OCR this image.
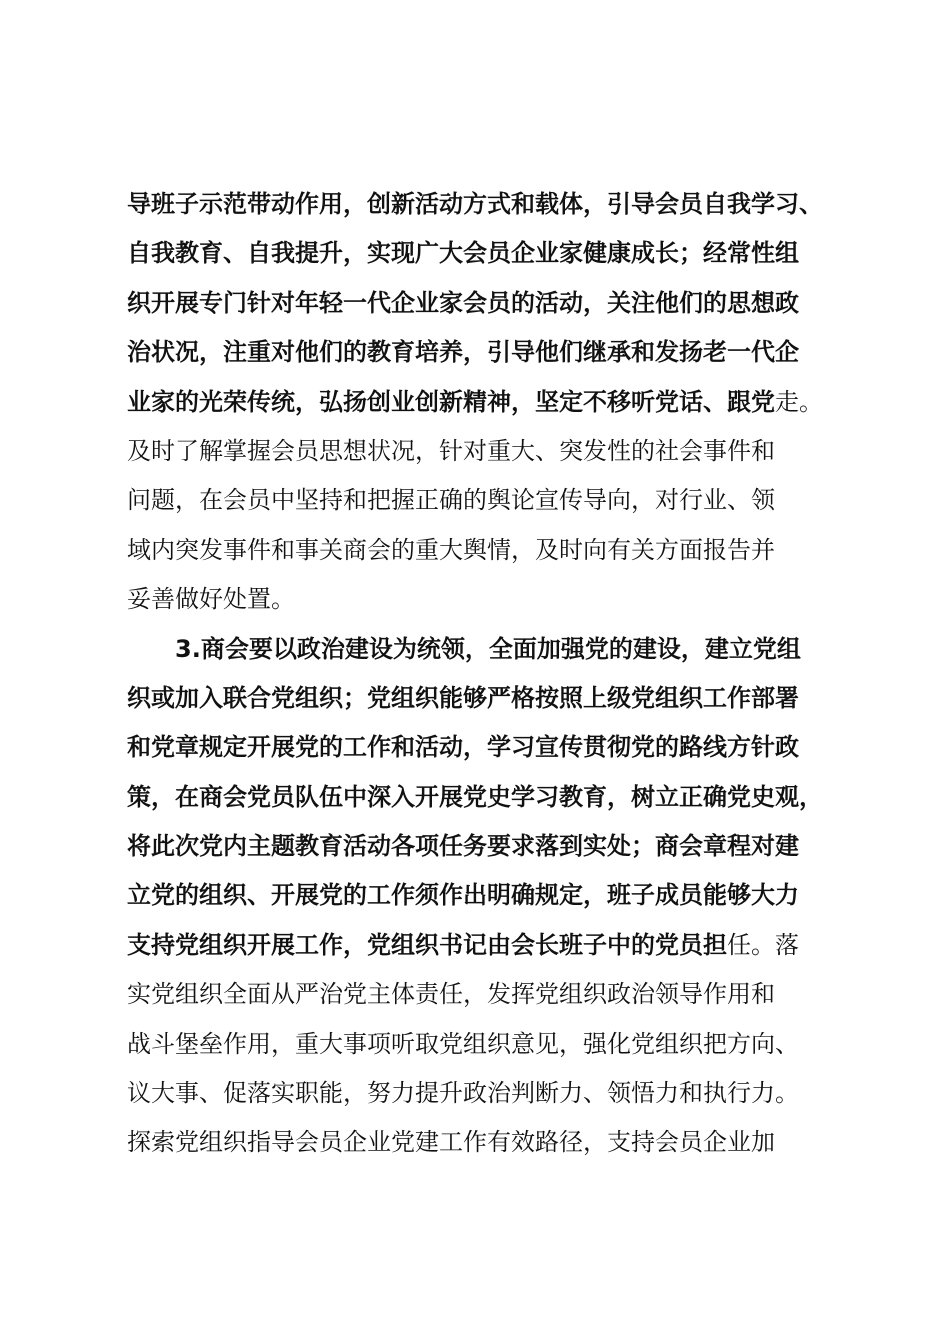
导班子示范带动作用，创新活动方式和载体，引导会员自我学习、
自我教育、自我提升，实现广大会员企业家健康成长；经常性组
织开展专门针对年轻一代企业家会员的活动，关注他们的思想政
治状况，注重对他们的教育培养，引导他们继承和发扬老一代企
业家的光荣传统，弘扬创业创新精神，坚定不移听党话、跟党走。
及时了解掌握会员思想状况，针对重大、突发性的社会事件和
问题，在会员中坚持和把握正确的舆论宣传导向，对行业、领
域内突发事件和事关商会的重大舆情，及时向有关方面报告并
妥善做好处置。
3.商会要以政治建设为统领，全面加强党的建设，建立党组
织或加入联合党组织；党组织能够严格按照上级党组织工作部署
和党章规定开展党的工作和活动，学习宣传贯彻党的路线方针政
策，在商会党员队伍中深入开展党史学习教育，树立正确党史观，
将此次党内主题教育活动各项任务要求落到实处；商会章程对建
立党的组织、开展党的工作须作出明确规定，班子成员能够大力
支持党组织开展工作，党组织书记由会长班子中的党员担任。落
实党组织全面从严治党主体责任，发挥党组织政治领导作用和
战斗堡垒作用，重大事项听取党组织意见，强化党组织把方向、
议大事、促落实职能，努力提升政治判断力、领悟力和执行力。
探索党组织指导会员企业党建工作有效路径，支持会员企业加
